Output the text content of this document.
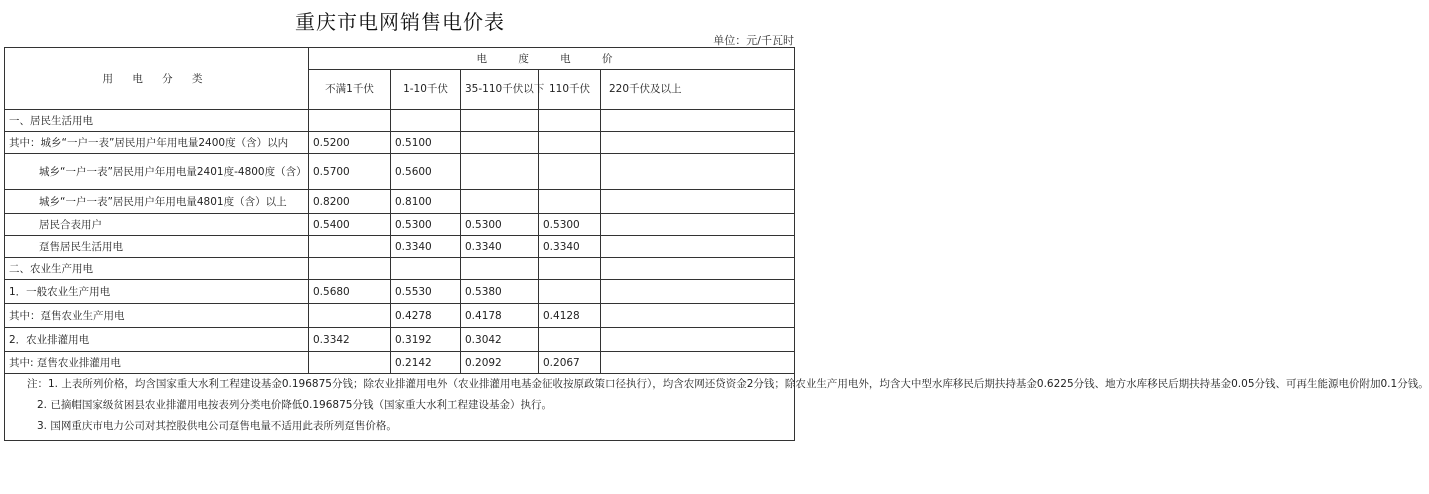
重庆市电网销售电价表
单位：元/千瓦时
用 电 分 类	电 度 电 价				
	不满1千伏	1-10千伏	35-110千伏以下	110千伏	220千伏及以上

一、居民生活用电					
其中：城乡“一户一表”居民用户年用电量2400度（含）以内	0.5200	0.5100			
城乡“一户一表”居民用户年用电量2401度-4800度（含）	0.5700	0.5600			
城乡“一户一表”居民用户年用电量4801度（含）以上	0.8200	0.8100			
居民合表用户	0.5400	0.5300	0.5300	0.5300	
趸售居民生活用电		0.3340	0.3340	0.3340	
二、农业生产用电					
1．一般农业生产用电	0.5680	0.5530	0.5380		
其中：趸售农业生产用电		0.4278	0.4178	0.4128	
2．农业排灌用电	0.3342	0.3192	0.3042		
其中: 趸售农业排灌用电		0.2142	0.2092	0.2067	

注：1. 上表所列价格，均含国家重大水利工程建设基金0.196875分钱；除农业排灌用电外（农业排灌用电基金征收按原政策口径执行），均含农网还贷资金2分钱；除农业生产用电外，均含大中型水库移民后期扶持基金0.6225分钱、地方水库移民后期扶持基金0.05分钱、可再生能源电价附加0.1分钱。
2. 已摘帽国家级贫困县农业排灌用电按表列分类电价降低0.196875分钱（国家重大水利工程建设基金）执行。
3. 国网重庆市电力公司对其控股供电公司趸售电量不适用此表所列趸售价格。					
